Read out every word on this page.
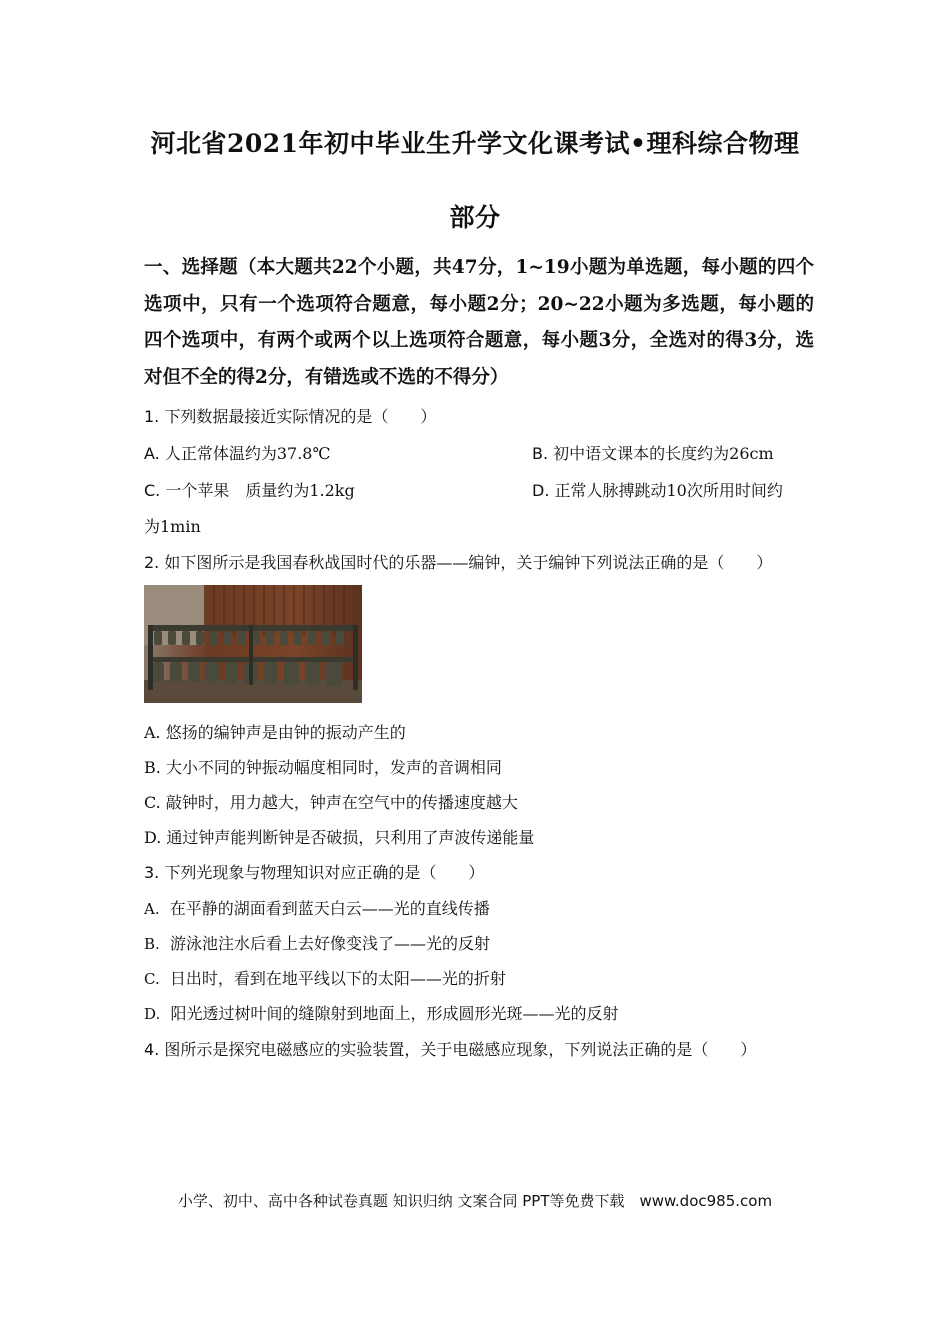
河北省2021年初中毕业生升学文化课考试•理科综合物理
部分
一、选择题（本大题共22个小题，共47分，1~19小题为单选题，每小题的四个选项中，只有一个选项符合题意，每小题2分；20~22小题为多选题，每小题的四个选项中，有两个或两个以上选项符合题意，每小题3分，全选对的得3分，选对但不全的得2分，有错选或不选的不得分）
1. 下列数据最接近实际情况的是（　　）
A. 人正常体温约为37.8℃	B. 初中语文课本的长度约为26cm
C. 一个苹果　质量约为1.2kg	D. 正常人脉搏跳动10次所用时间约
为1min
2. 如下图所示是我国春秋战国时代的乐器——编钟，关于编钟下列说法正确的是（　　）
A. 悠扬的编钟声是由钟的振动产生的
B. 大小不同的钟振动幅度相同时，发声的音调相同
C. 敲钟时，用力越大，钟声在空气中的传播速度越大
D. 通过钟声能判断钟是否破损，只利用了声波传递能量
3. 下列光现象与物理知识对应正确的是（　　）
A. 在平静的湖面看到蓝天白云——光的直线传播
B. 游泳池注水后看上去好像变浅了——光的反射
C. 日出时，看到在地平线以下的太阳——光的折射
D. 阳光透过树叶间的缝隙射到地面上，形成圆形光斑——光的反射
4. 图所示是探究电磁感应的实验装置，关于电磁感应现象，下列说法正确的是（　　）
小学、初中、高中各种试卷真题 知识归纳 文案合同 PPT等免费下载　www.doc985.com
